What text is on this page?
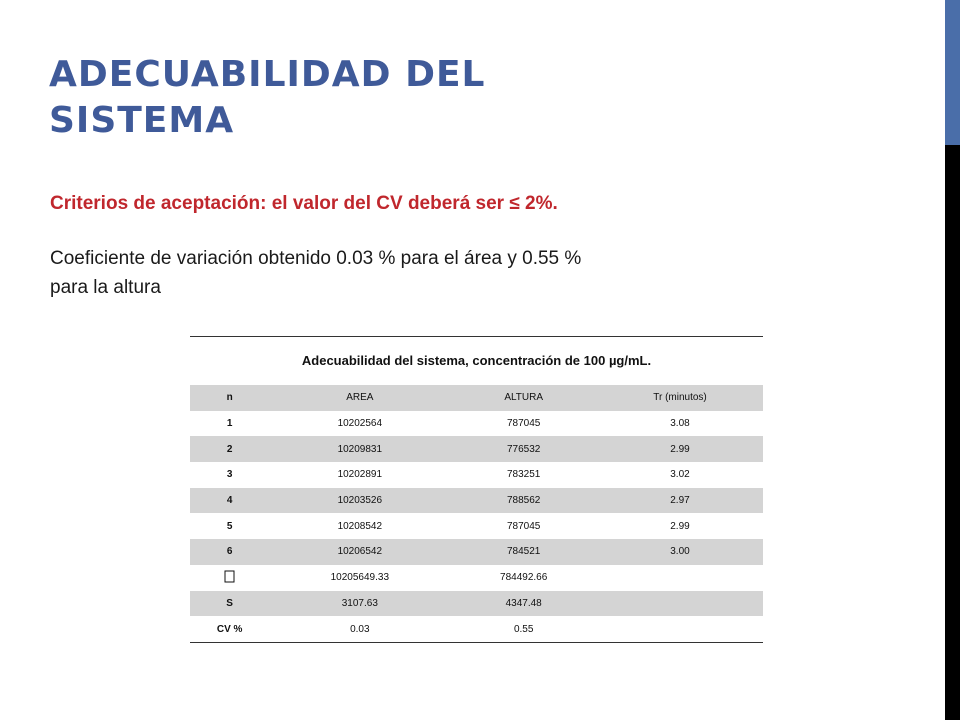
ADECUABILIDAD DEL SISTEMA

Criterios de aceptación: el valor del CV deberá ser ≤ 2%.

Coeficiente de variación obtenido 0.03 % para el área y 0.55 % para la altura

Adecuabilidad del sistema, concentración de 100 µg/mL.
n	AREA	ALTURA	Tr (minutos)
1	10202564	787045	3.08
2	10209831	776532	2.99
3	10202891	783251	3.02
4	10203526	788562	2.97
5	10208542	787045	2.99
6	10206542	784521	3.00
	10205649.33	784492.66	
S	3107.63	4347.48	
CV %	0.03	0.55	
